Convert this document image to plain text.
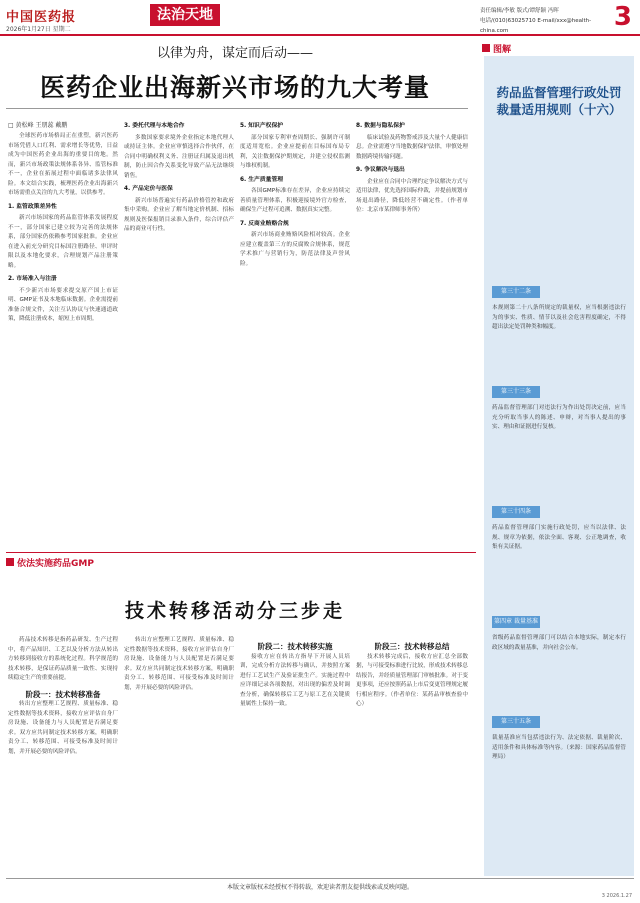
中国医药报
2026年1月27日 星期二
法治天地	责任编辑/李敏 版式/谭舒颖 冯晖
电话/(010)63025710 E-mail/xxx@health-china.com	3
以律为舟，谋定而后动——
医药企业出海新兴市场的九大考量
□ 黄松峰 王朋蕊 戴鹏

全球医药市场格局正在重塑，新兴医药市场凭借人口红利、需求增长等优势，日益成为中国医药企业出海的重要目的地。然而，新兴市场政策法规体系各异、监管标准不一，企业在拓展过程中面临诸多法律风险。本文结合实践，梳理医药企业出海新兴市场需重点关注的九大考量，以供参考。

1. 监管政策差异性

新兴市场国家的药品监管体系发展程度不一，部分国家已建立较为完善的法规体系，部分国家仍依赖参考国家批准。企业应在进入前充分研究目标国注册路径、审评时限以及本地化要求，合理规划产品注册策略。

2. 市场准入与注册

不少新兴市场要求提交原产国上市证明、GMP证书及本地临床数据。企业需提前准备合规文件，关注互认协议与快速通道政策，降低注册成本，缩短上市周期。

3. 委托代理与本地合作

多数国家要求境外企业指定本地代理人或持证主体。企业应审慎选择合作伙伴，在合同中明确权利义务、注册证归属及退出机制，防止因合作关系变化导致产品无法继续销售。

4. 产品定价与医保

新兴市场普遍实行药品价格管控和政府集中采购。企业应了解当地定价机制、招标规则及医保报销目录准入条件，综合评估产品的商业可行性。

5. 知识产权保护

部分国家专利审查周期长、强制许可制度适用宽松。企业应提前在目标国布局专利，关注数据保护期规定，并建立侵权监测与维权机制。

6. 生产质量管理

各国GMP标准存在差异，企业应持续完善质量管理体系，积极迎接境外官方检查，确保生产过程可追溯、数据真实完整。

7. 反商业贿赂合规

新兴市场商业贿赂风险相对较高。企业应建立覆盖第三方的反腐败合规体系，规范学术推广与营销行为，防范法律及声誉风险。

8. 数据与隐私保护

临床试验及药物警戒涉及大量个人健康信息。企业需遵守当地数据保护法律，审慎处理数据跨境传输问题。

9. 争议解决与退出

企业应在合同中合理约定争议解决方式与适用法律，优先选择国际仲裁，并提前规划市场退出路径，降低经营不确定性。（作者单位：北京市某律师事务所）

图解
药品监督管理行政处罚裁量适用规则（十六）
第三十二条
本规则第二十八条所规定的裁量权，应当根据违法行为的事实、性质、情节以及社会危害程度确定，不得超出法定处罚种类和幅度。
第三十三条
药品监督管理部门对违法行为作出处罚决定前，应当充分听取当事人的陈述、申辩，对当事人提出的事实、理由和证据进行复核。
第三十四条
药品监督管理部门实施行政处罚，应当以法律、法规、规章为依据，依法全面、客观、公正地调查，收集有关证据。
第四章 裁量基准
省级药品监督管理部门可以结合本地实际，制定本行政区域的裁量基准，并向社会公布。
第三十五条
裁量基准应当包括违法行为、法定依据、裁量阶次、适用条件和具体标准等内容。（来源：国家药品监督管理局）
依法实施药品GMP
技术转移活动分三步走

药品技术转移是指药品研发、生产过程中，将产品知识、工艺以及分析方法从转出方转移到接收方的系统化过程。科学规范的技术转移，是保证药品质量一致性、实现持续稳定生产的重要前提。

阶段一：技术转移准备

转出方应整理工艺规程、质量标准、稳定性数据等技术资料，接收方应评估自身厂房设施、设备能力与人员配置是否满足要求。双方应共同制定技术转移方案，明确职责分工、转移范围、可接受标准及时间计划，并开展必要的风险评估。

转出方应整理工艺规程、质量标准、稳定性数据等技术资料，接收方应评估自身厂房设施、设备能力与人员配置是否满足要求。双方应共同制定技术转移方案，明确职责分工、转移范围、可接受标准及时间计划，并开展必要的风险评估。

阶段二：技术转移实施

接收方应在转出方指导下开展人员培训，完成分析方法转移与确认，并按照方案进行工艺试生产及验证批生产。实施过程中应详细记录各项数据，对出现的偏差及时调查分析，确保转移后工艺与原工艺在关键质量属性上保持一致。

阶段三：技术转移总结

技术转移完成后，接收方应汇总全部数据，与可接受标准进行比较，形成技术转移总结报告，并经质量管理部门审核批准。对于变更事项，还应按照药品上市后变更管理规定履行相应程序。（作者单位：某药品审核查验中心）

本版文章版权未经授权不得转载，欢迎读者朋友提供线索或反映问题。
3 2026.1.27
